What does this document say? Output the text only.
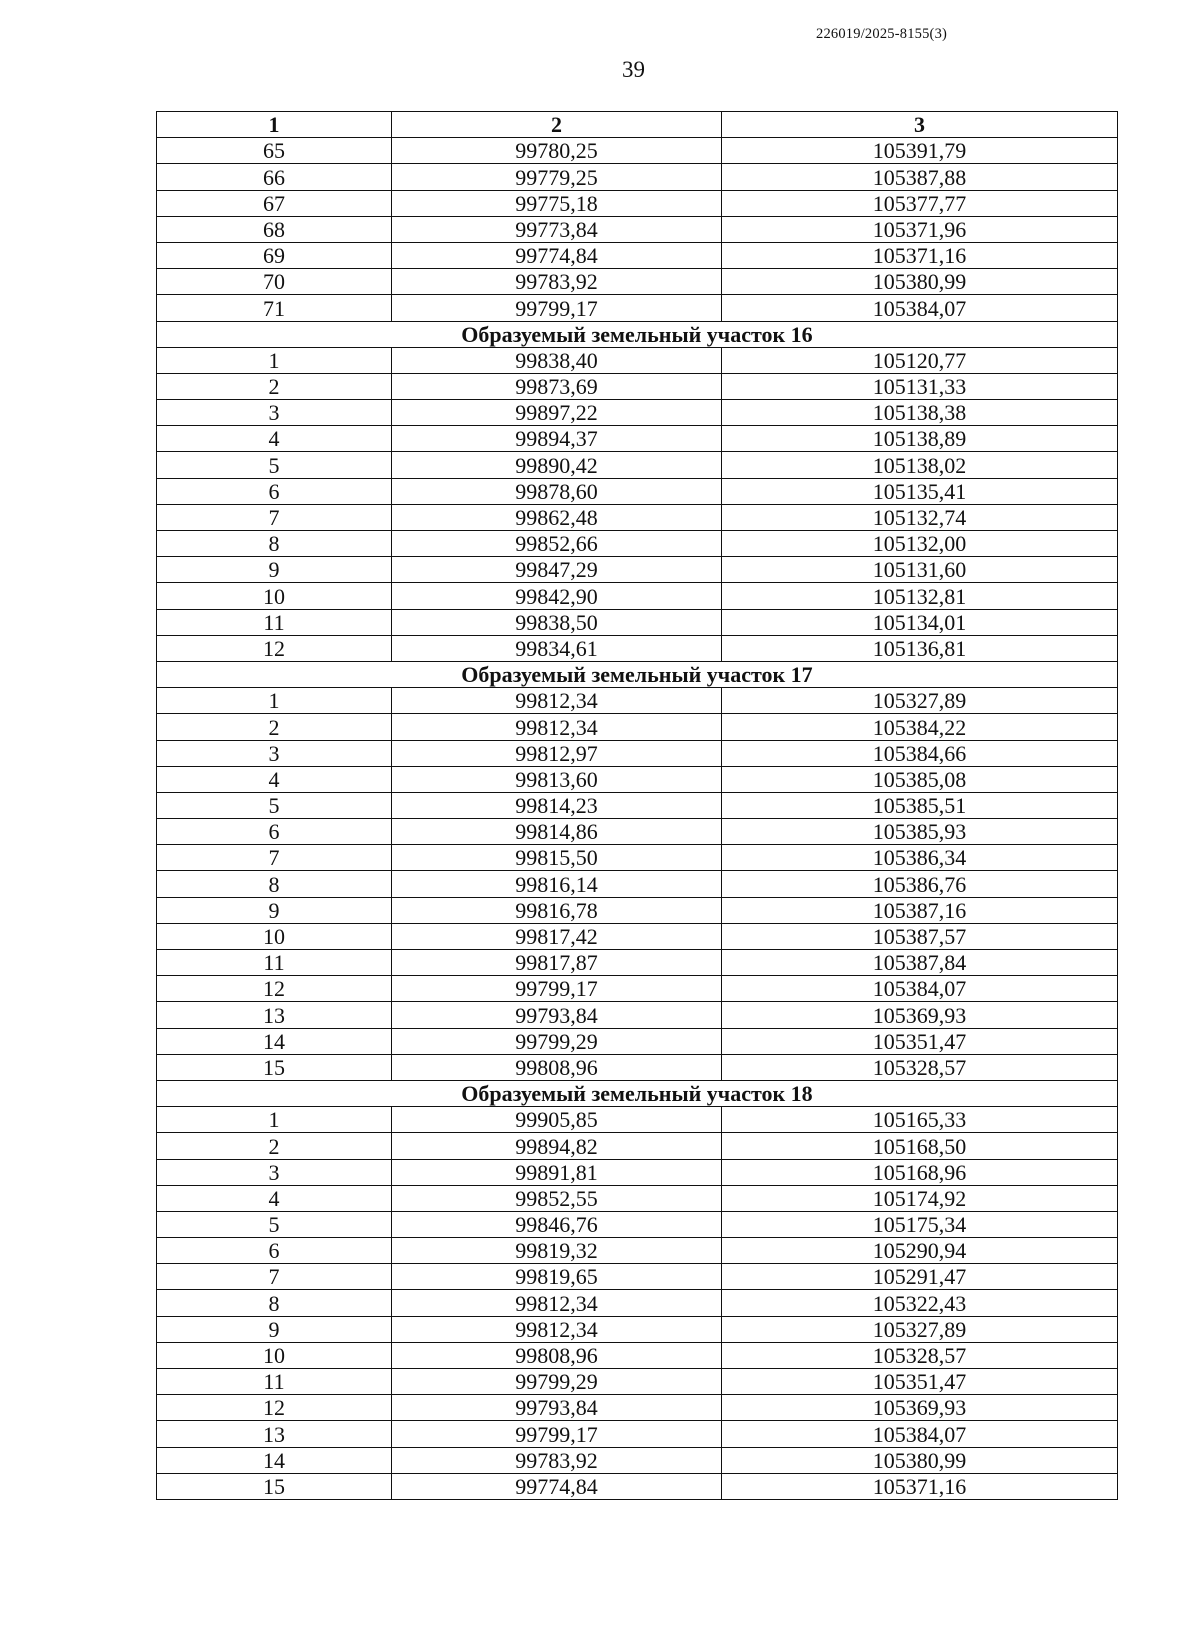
226019/2025-8155(3)
39
1	2	3
65	99780,25	105391,79
66	99779,25	105387,88
67	99775,18	105377,77
68	99773,84	105371,96
69	99774,84	105371,16
70	99783,92	105380,99
71	99799,17	105384,07
Образуемый земельный участок 16		
1	99838,40	105120,77
2	99873,69	105131,33
3	99897,22	105138,38
4	99894,37	105138,89
5	99890,42	105138,02
6	99878,60	105135,41
7	99862,48	105132,74
8	99852,66	105132,00
9	99847,29	105131,60
10	99842,90	105132,81
11	99838,50	105134,01
12	99834,61	105136,81
Образуемый земельный участок 17		
1	99812,34	105327,89
2	99812,34	105384,22
3	99812,97	105384,66
4	99813,60	105385,08
5	99814,23	105385,51
6	99814,86	105385,93
7	99815,50	105386,34
8	99816,14	105386,76
9	99816,78	105387,16
10	99817,42	105387,57
11	99817,87	105387,84
12	99799,17	105384,07
13	99793,84	105369,93
14	99799,29	105351,47
15	99808,96	105328,57
Образуемый земельный участок 18		
1	99905,85	105165,33
2	99894,82	105168,50
3	99891,81	105168,96
4	99852,55	105174,92
5	99846,76	105175,34
6	99819,32	105290,94
7	99819,65	105291,47
8	99812,34	105322,43
9	99812,34	105327,89
10	99808,96	105328,57
11	99799,29	105351,47
12	99793,84	105369,93
13	99799,17	105384,07
14	99783,92	105380,99
15	99774,84	105371,16
